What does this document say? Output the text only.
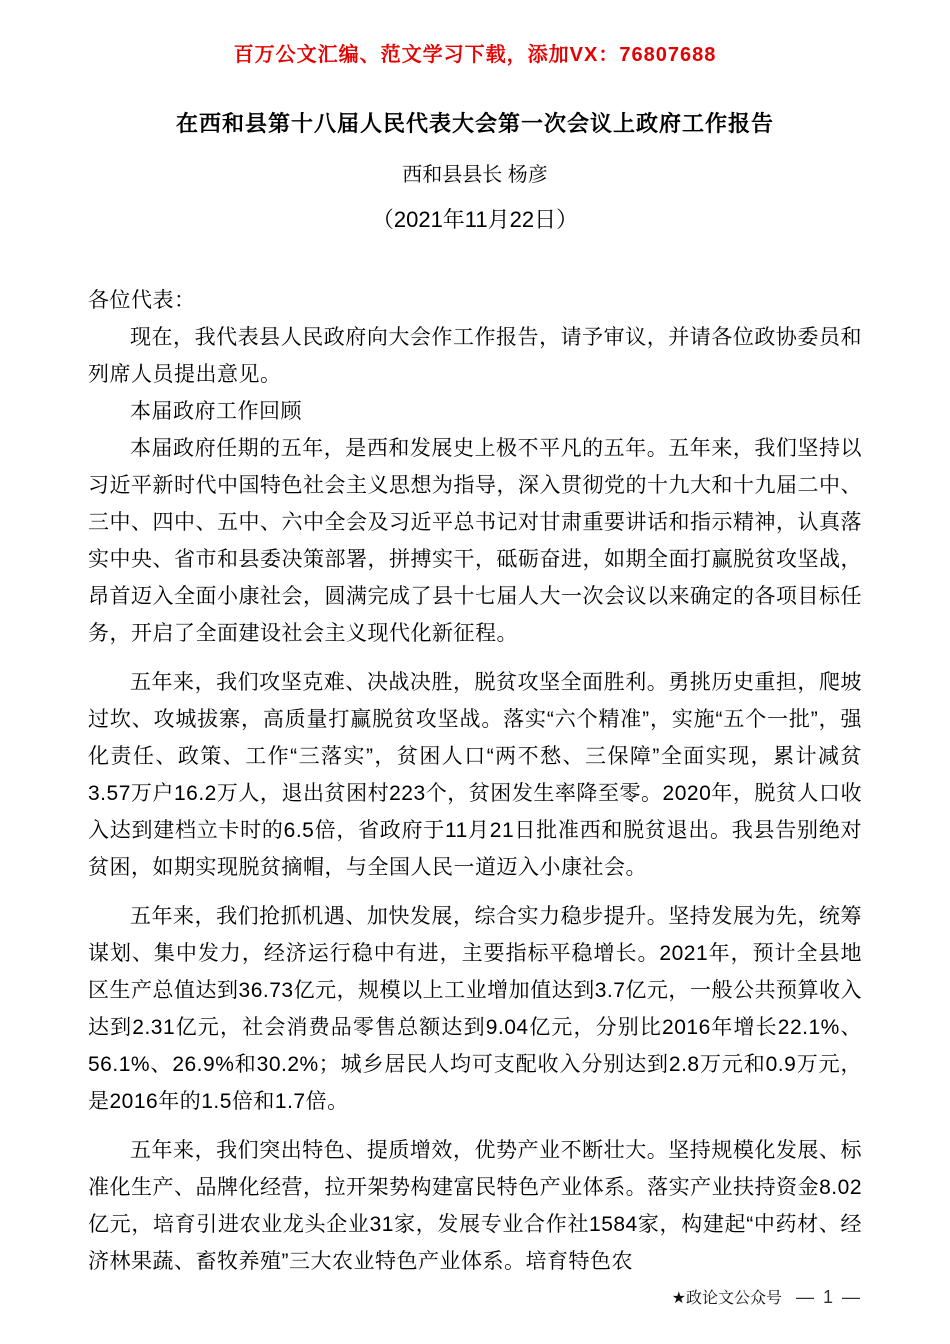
百万公文汇编、范文学习下载，添加VX：76807688
在西和县第十八届人民代表大会第一次会议上政府工作报告
西和县县长 杨彦
（2021年11月22日）

各位代表：

现在，我代表县人民政府向大会作工作报告，请予审议，并请各位政协委员和列席人员提出意见。

本届政府工作回顾

本届政府任期的五年，是西和发展史上极不平凡的五年。五年来，我们坚持以习近平新时代中国特色社会主义思想为指导，深入贯彻党的十九大和十九届二中、三中、四中、五中、六中全会及习近平总书记对甘肃重要讲话和指示精神，认真落实中央、省市和县委决策部署，拼搏实干，砥砺奋进，如期全面打赢脱贫攻坚战，昂首迈入全面小康社会，圆满完成了县十七届人大一次会议以来确定的各项目标任务，开启了全面建设社会主义现代化新征程。

五年来，我们攻坚克难、决战决胜，脱贫攻坚全面胜利。勇挑历史重担，爬坡过坎、攻城拔寨，高质量打赢脱贫攻坚战。落实“六个精准”，实施“五个一批”，强化责任、政策、工作“三落实”，贫困人口“两不愁、三保障”全面实现，累计减贫3.57万户16.2万人，退出贫困村223个，贫困发生率降至零。2020年，脱贫人口收入达到建档立卡时的6.5倍，省政府于11月21日批准西和脱贫退出。我县告别绝对贫困，如期实现脱贫摘帽，与全国人民一道迈入小康社会。

五年来，我们抢抓机遇、加快发展，综合实力稳步提升。坚持发展为先，统筹谋划、集中发力，经济运行稳中有进，主要指标平稳增长。2021年，预计全县地区生产总值达到36.73亿元，规模以上工业增加值达到3.7亿元，一般公共预算收入达到2.31亿元，社会消费品零售总额达到9.04亿元，分别比2016年增长22.1%、56.1%、26.9%和30.2%；城乡居民人均可支配收入分别达到2.8万元和0.9万元，是2016年的1.5倍和1.7倍。

五年来，我们突出特色、提质增效，优势产业不断壮大。坚持规模化发展、标准化生产、品牌化经营，拉开架势构建富民特色产业体系。落实产业扶持资金8.02亿元，培育引进农业龙头企业31家，发展专业合作社1584家，构建起“中药材、经济林果蔬、畜牧养殖”三大农业特色产业体系。培育特色农

★政论文公众号 — 1 —
